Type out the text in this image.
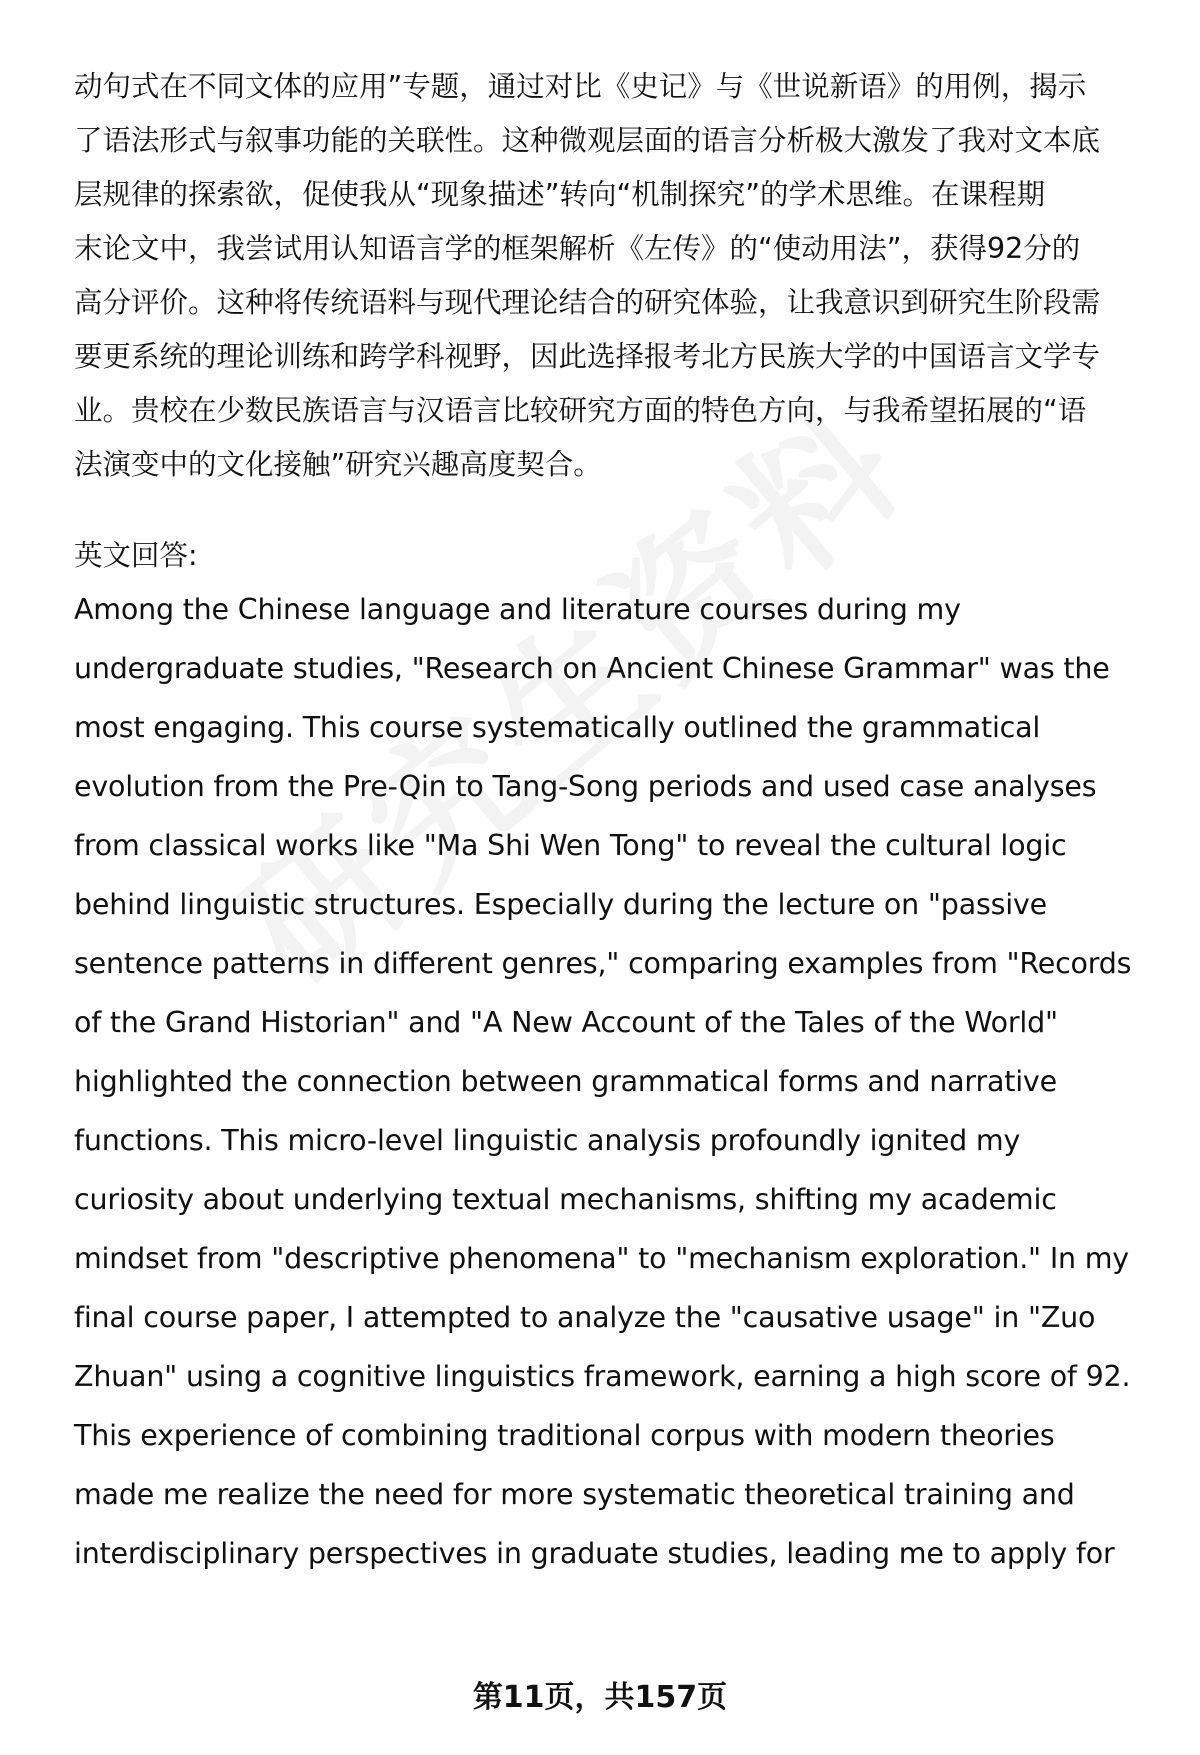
动句式在不同文体的应用”专题，通过对比《史记》与《世说新语》的用例，揭示

了语法形式与叙事功能的关联性。这种微观层面的语言分析极大激发了我对文本底

层规律的探索欲，促使我从“现象描述”转向“机制探究”的学术思维。在课程期

末论文中，我尝试用认知语言学的框架解析《左传》的“使动用法”，获得92分的

高分评价。这种将传统语料与现代理论结合的研究体验，让我意识到研究生阶段需

要更系统的理论训练和跨学科视野，因此选择报考北方民族大学的中国语言文学专

业。贵校在少数民族语言与汉语言比较研究方面的特色方向，与我希望拓展的“语

法演变中的文化接触”研究兴趣高度契合。

英文回答:

Among the Chinese language and literature courses during my

undergraduate studies, "Research on Ancient Chinese Grammar" was the

most engaging. This course systematically outlined the grammatical

evolution from the Pre-Qin to Tang-Song periods and used case analyses

from classical works like "Ma Shi Wen Tong" to reveal the cultural logic

behind linguistic structures. Especially during the lecture on "passive

sentence patterns in different genres," comparing examples from "Records

of the Grand Historian" and "A New Account of the Tales of the World"

highlighted the connection between grammatical forms and narrative

functions. This micro-level linguistic analysis profoundly ignited my

curiosity about underlying textual mechanisms, shifting my academic

mindset from "descriptive phenomena" to "mechanism exploration." In my

final course paper, I attempted to analyze the "causative usage" in "Zuo

Zhuan" using a cognitive linguistics framework, earning a high score of 92.

This experience of combining traditional corpus with modern theories

made me realize the need for more systematic theoretical training and

interdisciplinary perspectives in graduate studies, leading me to apply for

第11页，共157页
